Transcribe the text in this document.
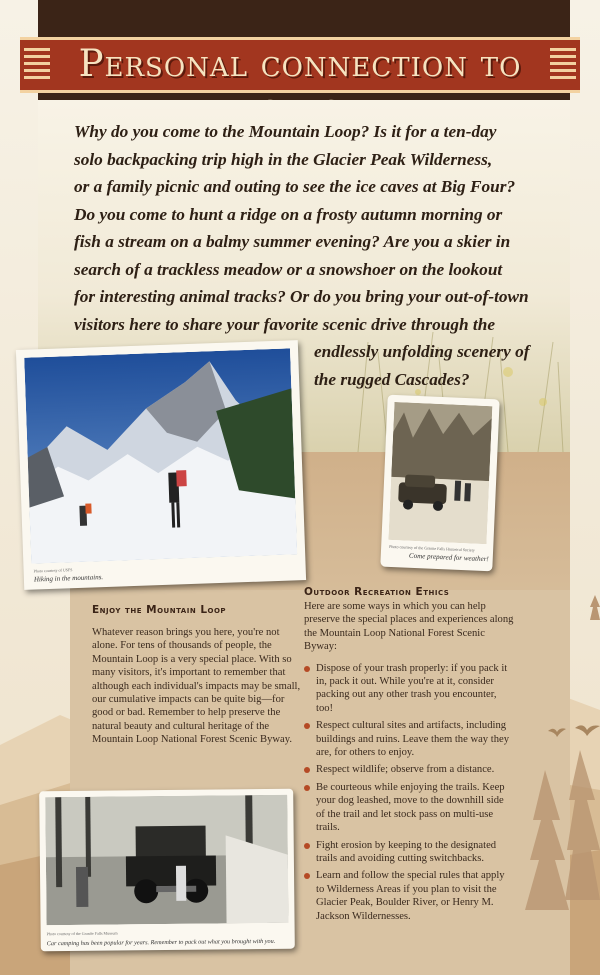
Personal connection to
Why do you come to the Mountain Loop? Is it for a ten-day
solo backpacking trip high in the Glacier Peak Wilderness,
or a family picnic and outing to see the ice caves at Big Four?
Do you come to hunt a ridge on a frosty autumn morning or
fish a stream on a balmy summer evening? Are you a skier in
search of a trackless meadow or a snowshoer on the lookout
for interesting animal tracks? Or do you bring your out-of-town
visitors here to share your favorite scenic drive through the
endlessly unfolding scenery of
the rugged Cascades?
Photo courtesy of USFS
Hiking in the mountains.
Photo courtesy of the Granite Falls Historical Society
Come prepared for weather!
Enjoy the Mountain Loop

Whatever reason brings you here, you're not alone. For tens of thousands of people, the Mountain Loop is a very special place. With so many visitors, it's important to remember that although each individual's impacts may be small, our cumulative impacts can be quite big—for good or bad. Remember to help preserve the natural beauty and cultural heritage of the Mountain Loop National Forest Scenic Byway.

Outdoor Recreation Ethics
Here are some ways in which you can help preserve the special places and experiences along the Mountain Loop National Forest Scenic Byway:
Dispose of your trash properly: if you pack it in, pack it out. While you're at it, consider packing out any other trash you encounter, too!
Respect cultural sites and artifacts, including buildings and ruins. Leave them the way they are, for others to enjoy.
Respect wildlife; observe from a distance.
Be courteous while enjoying the trails. Keep your dog leashed, move to the downhill side of the trail and let stock pass on multi-use trails.
Fight erosion by keeping to the designated trails and avoiding cutting switchbacks.
Learn and follow the special rules that apply to Wilderness Areas if you plan to visit the Glacier Peak, Boulder River, or Henry M. Jackson Wildernesses.
Photo courtesy of the Granite Falls Museum
Car camping has been popular for years. Remember to pack out what you brought with you.
